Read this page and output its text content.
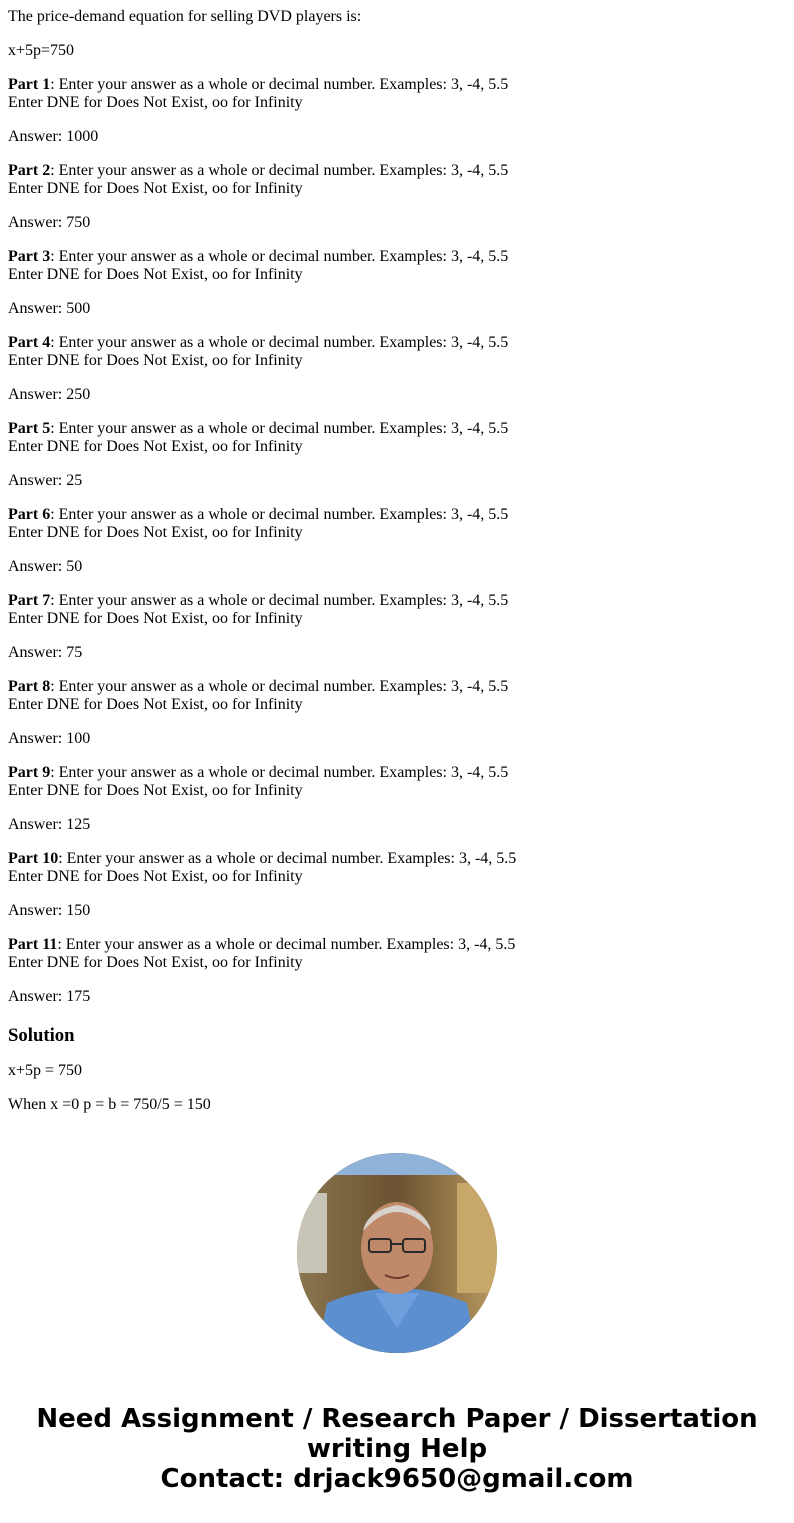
The price-demand equation for selling DVD players is:

x+5p=750

Part 1: Enter your answer as a whole or decimal number. Examples: 3, -4, 5.5

Enter DNE for Does Not Exist, oo for Infinity

Answer: 1000

Part 2: Enter your answer as a whole or decimal number. Examples: 3, -4, 5.5

Enter DNE for Does Not Exist, oo for Infinity

Answer: 750

Part 3: Enter your answer as a whole or decimal number. Examples: 3, -4, 5.5

Enter DNE for Does Not Exist, oo for Infinity

Answer: 500

Part 4: Enter your answer as a whole or decimal number. Examples: 3, -4, 5.5

Enter DNE for Does Not Exist, oo for Infinity

Answer: 250

Part 5: Enter your answer as a whole or decimal number. Examples: 3, -4, 5.5

Enter DNE for Does Not Exist, oo for Infinity

Answer: 25

Part 6: Enter your answer as a whole or decimal number. Examples: 3, -4, 5.5

Enter DNE for Does Not Exist, oo for Infinity

Answer: 50

Part 7: Enter your answer as a whole or decimal number. Examples: 3, -4, 5.5

Enter DNE for Does Not Exist, oo for Infinity

Answer: 75

Part 8: Enter your answer as a whole or decimal number. Examples: 3, -4, 5.5

Enter DNE for Does Not Exist, oo for Infinity

Answer: 100

Part 9: Enter your answer as a whole or decimal number. Examples: 3, -4, 5.5

Enter DNE for Does Not Exist, oo for Infinity

Answer: 125

Part 10: Enter your answer as a whole or decimal number. Examples: 3, -4, 5.5

Enter DNE for Does Not Exist, oo for Infinity

Answer: 150

Part 11: Enter your answer as a whole or decimal number. Examples: 3, -4, 5.5

Enter DNE for Does Not Exist, oo for Infinity

Answer: 175

Solution

x+5p = 750

When x =0 p = b = 750/5 = 150

Need Assignment / Research Paper / Dissertation
writing Help
Contact: drjack9650@gmail.com
